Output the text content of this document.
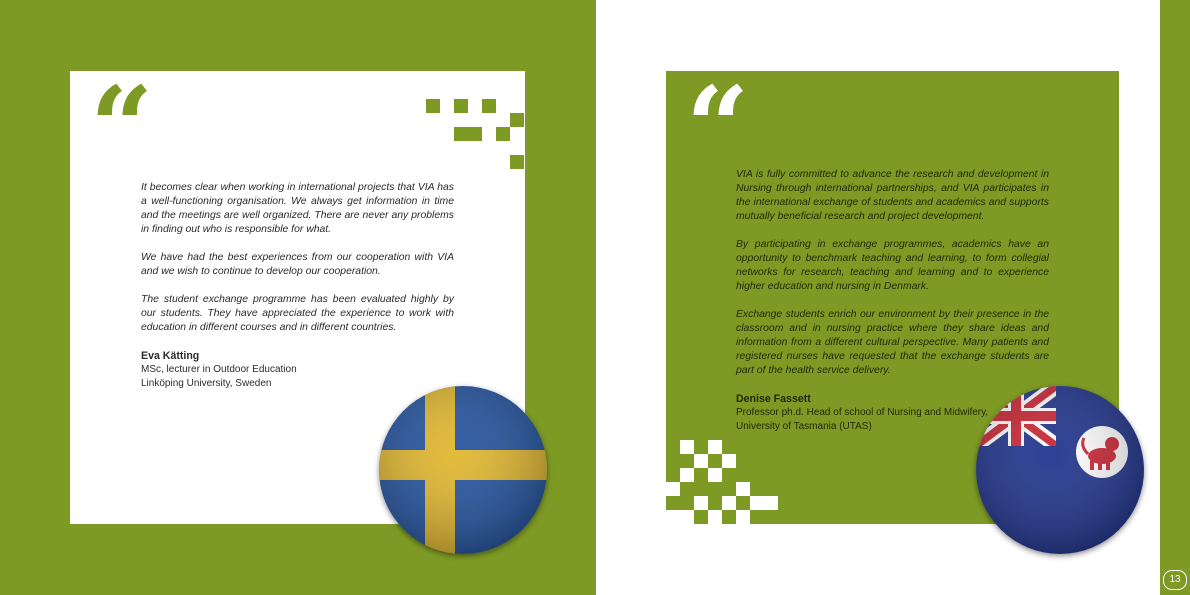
“

It becomes clear when working in international projects that VIA has a well-functioning organisation. We always get information in time and the meetings are well organized. There are never any problems in finding out who is responsible for what.

We have had the best experiences from our cooperation with VIA and we wish to continue to develop our cooperation.

The student exchange programme has been evaluated highly by our students. They have appreciated the experience to work with education in different courses and in different countries.

Eva Kätting
MSc, lecturer in Outdoor Education
Linköping University, Sweden
“

VIA is fully committed to advance the research and development in Nursing through international partnerships, and VIA participates in the international exchange of students and academics and supports mutually beneficial research and project development.

By participating in exchange programmes, academics have an opportunity to benchmark teaching and learning, to form collegial networks for research, teaching and learning and to experience higher education and nursing in Denmark.

Exchange students enrich our environment by their presence in the classroom and in nursing practice where they share ideas and information from a different cultural perspective. Many patients and registered nurses have requested that the exchange students are part of the health service delivery.

Denise Fassett
Professor ph.d. Head of school of Nursing and Midwifery,
University of Tasmania (UTAS)
13
